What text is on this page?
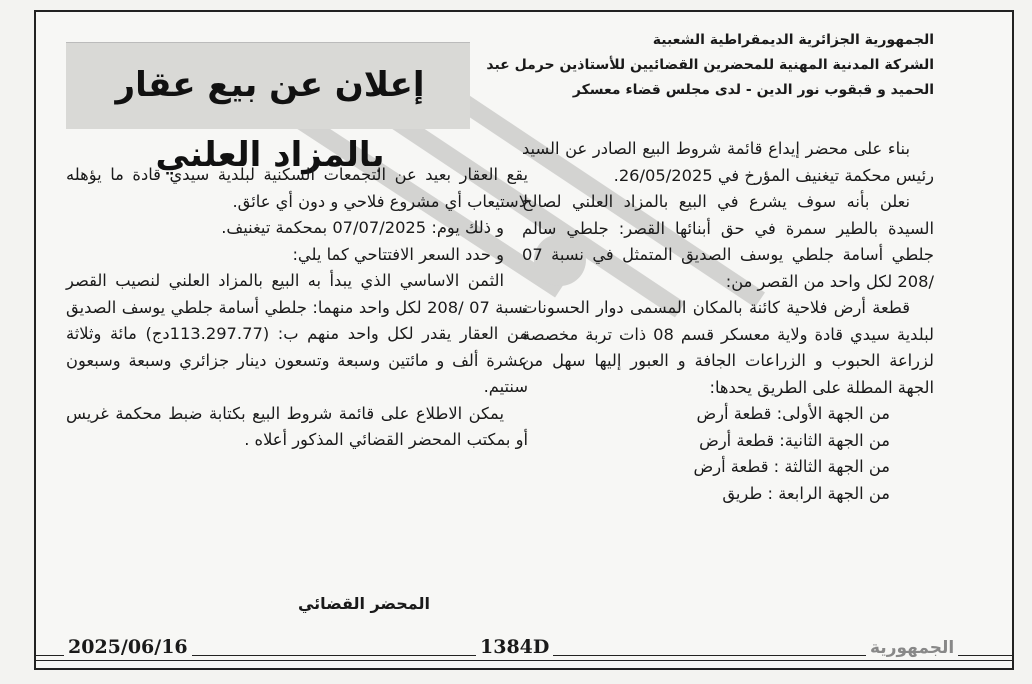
الجمهورية الجزائرية الديمقراطية الشعبية
الشركة المدنية المهنية للمحضرين القضائيين للأستاذين حرمل عبد
الحميد و قبقوب نور الدين - لدى مجلس قضاء معسكر
إعلان عن بيع عقار بالمزاد العلني	بناء على محضر إيداع قائمة شروط البيع الصادر عن السيد رئيس محكمة تيغنيف المؤرخ في 26/05/2025.

نعلن بأنه سوف يشرع في البيع بالمزاد العلني لصالح السيدة بالطير سمرة في حق أبنائها القصر: جلطي سالم جلطي أسامة جلطي يوسف الصديق المتمثل في نسبة 07 /208 لكل واحد من القصر من:

قطعة أرض فلاحية كائنة بالمكان المسمى دوار الحسونات لبلدية سيدي قادة ولاية معسكر قسم 08 ذات تربة مخصصة لزراعة الحبوب و الزراعات الجافة و العبور إليها سهل من الجهة المطلة على الطريق يحدها:

من الجهة الأولى: قطعة أرض
من الجهة الثانية: قطعة أرض
من الجهة الثالثة : قطعة أرض
من الجهة الرابعة : طريق

يقع العقار بعيد عن التجمعات السكنية لبلدية سيدي قادة ما يؤهله لاستيعاب أي مشروع فلاحي و دون أي عائق.

و ذلك يوم: 07/07/2025 بمحكمة تيغنيف.

و حدد السعر الافتتاحي كما يلي:

الثمن الاساسي الذي يبدأ به البيع بالمزاد العلني لنصيب القصر نسبة 07 /208 لكل واحد منهما: جلطي أسامة جلطي يوسف الصديق من العقار يقدر لكل واحد منهم ب: (113.297.77دج) مائة وثلاثة عشرة ألف و مائتين وسبعة وتسعون دينار جزائري وسبعة وسبعون سنتيم.

يمكن الاطلاع على قائمة شروط البيع بكتابة ضبط محكمة غريس أو بمكتب المحضر القضائي المذكور أعلاه .

المحضر القضائي
2025/06/16	1384D	الجمهورية
